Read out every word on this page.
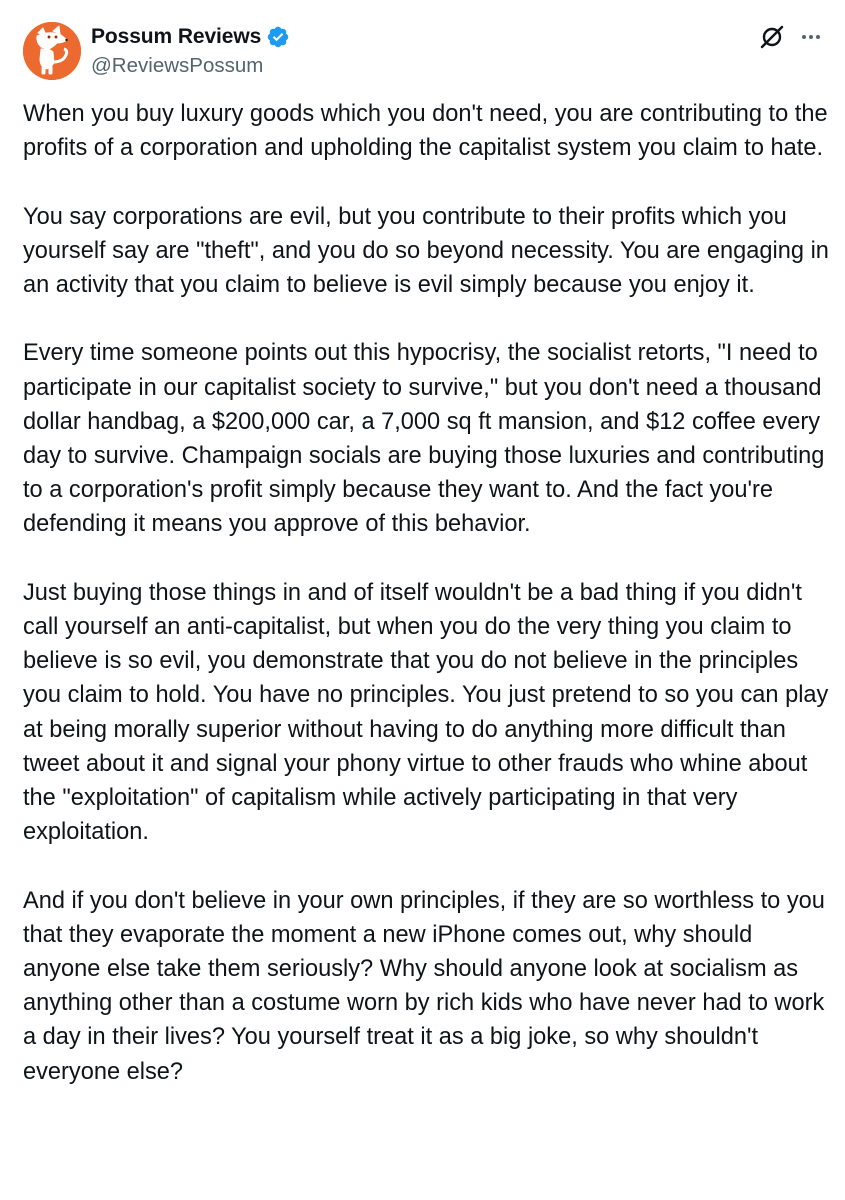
Possum Reviews
@ReviewsPossum

When you buy luxury goods which you don't need, you are contributing to the profits of a corporation and upholding the capitalist system you claim to hate.

You say corporations are evil, but you contribute to their profits which you yourself say are "theft", and you do so beyond necessity. You are engaging in an activity that you claim to believe is evil simply because you enjoy it.

Every time someone points out this hypocrisy, the socialist retorts, "I need to participate in our capitalist society to survive," but you don't need a thousand dollar handbag, a $200,000 car, a 7,000 sq ft mansion, and $12 coffee every day to survive. Champaign socials are buying those luxuries and contributing to a corporation's profit simply because they want to. And the fact you're defending it means you approve of this behavior.

Just buying those things in and of itself wouldn't be a bad thing if you didn't call yourself an anti-capitalist, but when you do the very thing you claim to believe is so evil, you demonstrate that you do not believe in the principles you claim to hold. You have no principles. You just pretend to so you can play at being morally superior without having to do anything more difficult than tweet about it and signal your phony virtue to other frauds who whine about the "exploitation" of capitalism while actively participating in that very exploitation.

And if you don't believe in your own principles, if they are so worthless to you that they evaporate the moment a new iPhone comes out, why should anyone else take them seriously? Why should anyone look at socialism as anything other than a costume worn by rich kids who have never had to work a day in their lives? You yourself treat it as a big joke, so why shouldn't everyone else?
